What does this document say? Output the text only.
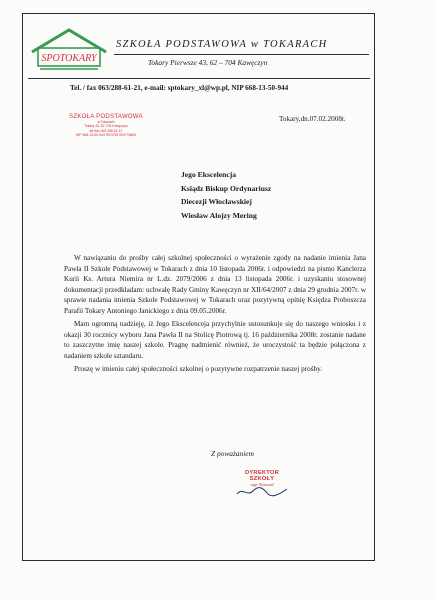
SPOTOKARY
SZKOŁA PODSTAWOWA w TOKARACH
Tokary Pierwsze 43, 62 – 704 Kawęczyn
Tel. / fax 063/288-61-21, e-mail: sptokary_xl@wp.pl, NIP 668-13-50-944
SZKOŁA PODSTAWOWA
w Tokarach
Tokary 43, 62-704 Kawęczyn
tel./fax 063 288 61 21
NIP 668-13-50-944 REGON 000776653
Tokary,dn.07.02.2008r.
Jego Ekscelencja
Ksiądz Biskup Ordynariusz
Diecezji Włocławskiej
Wiesław Alojzy Mering

W nawiązaniu do prośby całej szkolnej społeczności o wyrażenie zgody na nadanie imienia Jana Pawła II Szkole Podstawowej w Tokarach z dnia 10 listopada 2006r. i odpowiedzi na pismo Kanclerza Kurii Ks. Artura Niemira nr L.dz. 2079/2006 z dnia 13 listopada 2006r. i uzyskaniu stosownej dokumentacji przedkładam: uchwałę Rady Gminy Kawęczyn nr XII/64/2007 z dnia 29 grudnia 2007r. w sprawie nadania imienia Szkole Podstawowej w Tokarach oraz pozytywną opinię Księdza Proboszcza Parafii Tokary Antoniego Janickiego z dnia 09.05.2006r.

Mam ogromną nadzieję, iż Jego Ekscelenceja przychylnie ustosunkuje się do naszego wniosku i z okazji 30 rocznicy wyboru Jana Pawła II na Stolicę Piotrową tj. 16 października 2008r. zostanie nadane to zaszczytne imię naszej szkole. Pragnę nadmienić również, że uroczystość ta będzie połączona z nadaniem szkole sztandaru.

Proszę w imieniu całej społeczności szkolnej o pozytywne rozpatrzenie naszej prośby.

Z poważaniem
DYREKTOR SZKOŁY
mgr Ryszard
